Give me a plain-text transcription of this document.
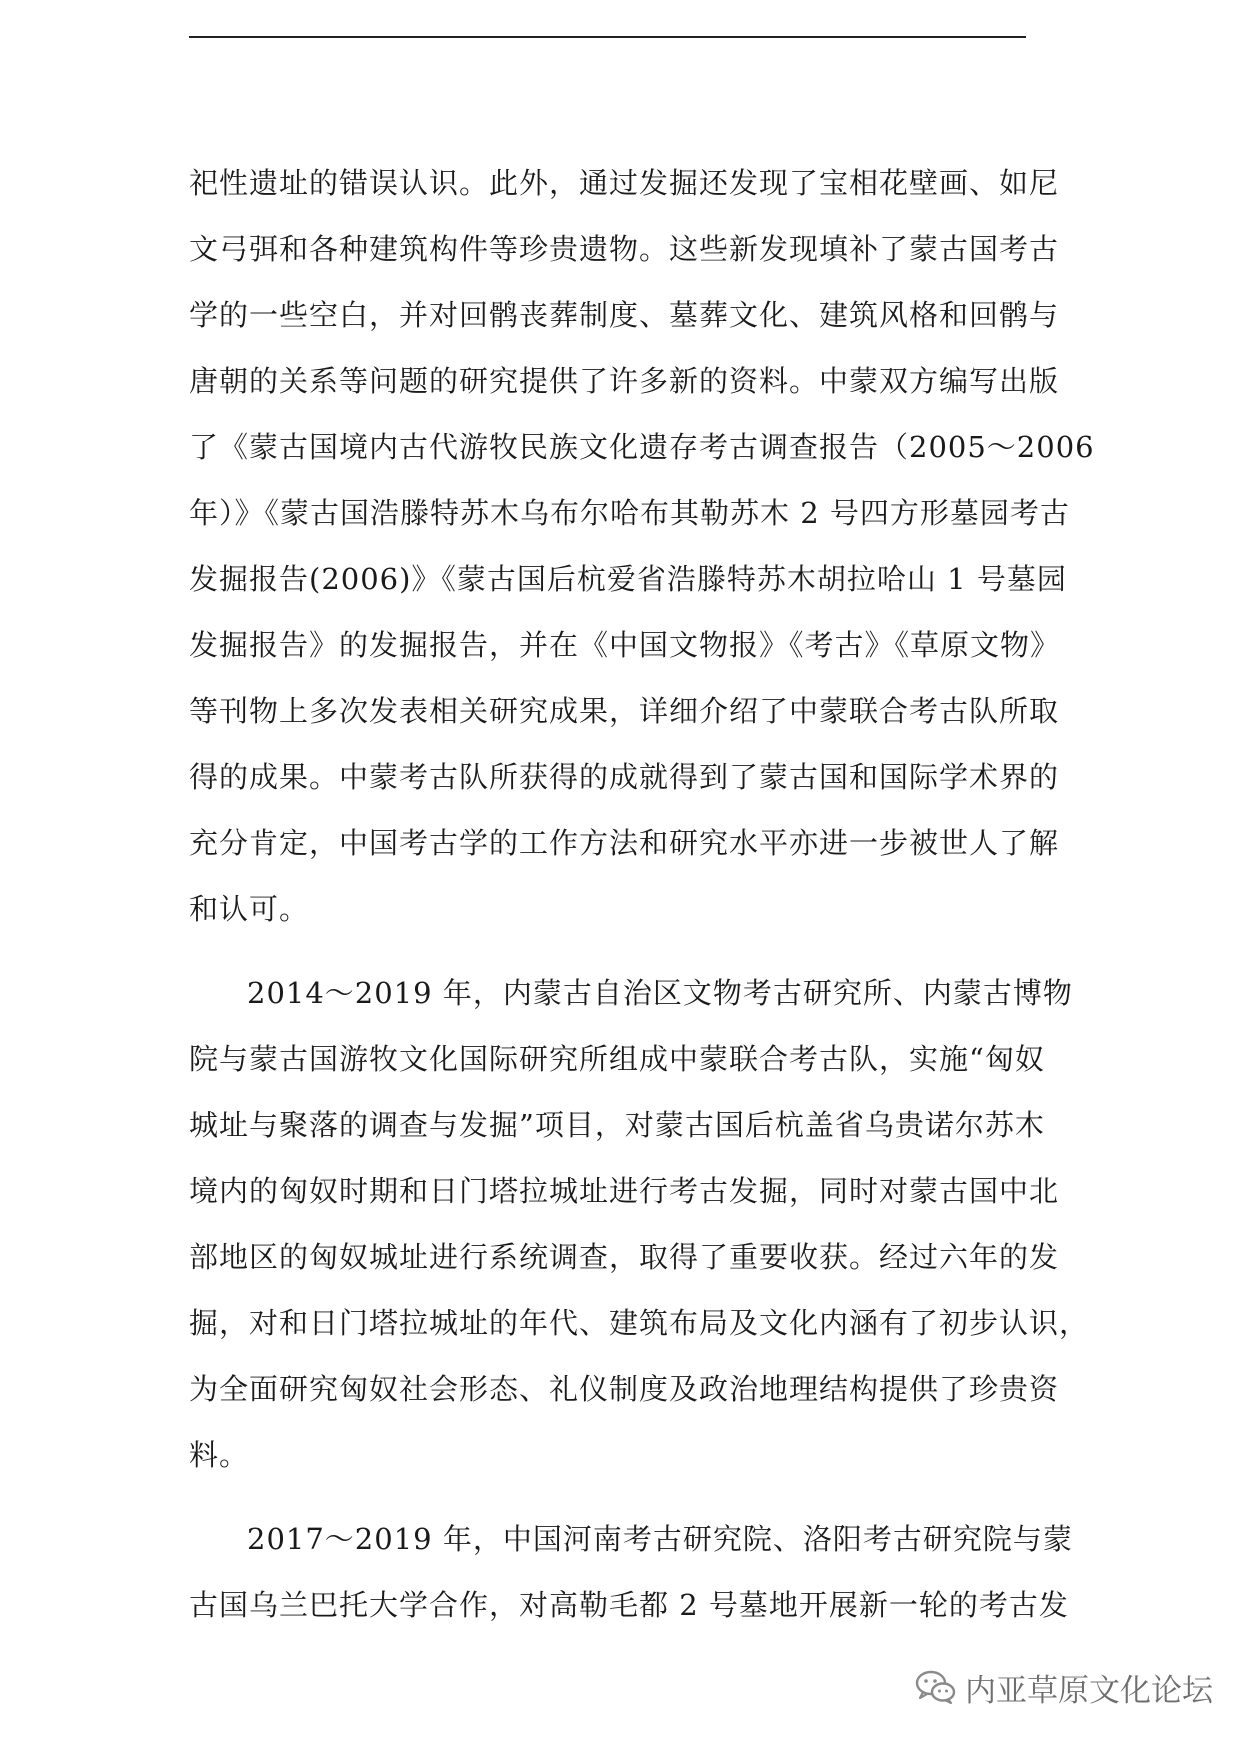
祀性遗址的错误认识。此外，通过发掘还发现了宝相花壁画、如尼
文弓弭和各种建筑构件等珍贵遗物。这些新发现填补了蒙古国考古
学的一些空白，并对回鹘丧葬制度、墓葬文化、建筑风格和回鹘与
唐朝的关系等问题的研究提供了许多新的资料。中蒙双方编写出版
了《蒙古国境内古代游牧民族文化遗存考古调查报告（2005～2006
年）》《蒙古国浩滕特苏木乌布尔哈布其勒苏木 2 号四方形墓园考古
发掘报告(2006)》《蒙古国后杭爱省浩滕特苏木胡拉哈山 1 号墓园
发掘报告》的发掘报告，并在《中国文物报》《考古》《草原文物》
等刊物上多次发表相关研究成果，详细介绍了中蒙联合考古队所取
得的成果。中蒙考古队所获得的成就得到了蒙古国和国际学术界的
充分肯定，中国考古学的工作方法和研究水平亦进一步被世人了解
和认可。
2014～2019 年，内蒙古自治区文物考古研究所、内蒙古博物
院与蒙古国游牧文化国际研究所组成中蒙联合考古队，实施“匈奴
城址与聚落的调查与发掘”项目，对蒙古国后杭盖省乌贵诺尔苏木
境内的匈奴时期和日门塔拉城址进行考古发掘，同时对蒙古国中北
部地区的匈奴城址进行系统调查，取得了重要收获。经过六年的发
掘，对和日门塔拉城址的年代、建筑布局及文化内涵有了初步认识，
为全面研究匈奴社会形态、礼仪制度及政治地理结构提供了珍贵资
料。
2017～2019 年，中国河南考古研究院、洛阳考古研究院与蒙
古国乌兰巴托大学合作，对高勒毛都 2 号墓地开展新一轮的考古发
内亚草原文化论坛
